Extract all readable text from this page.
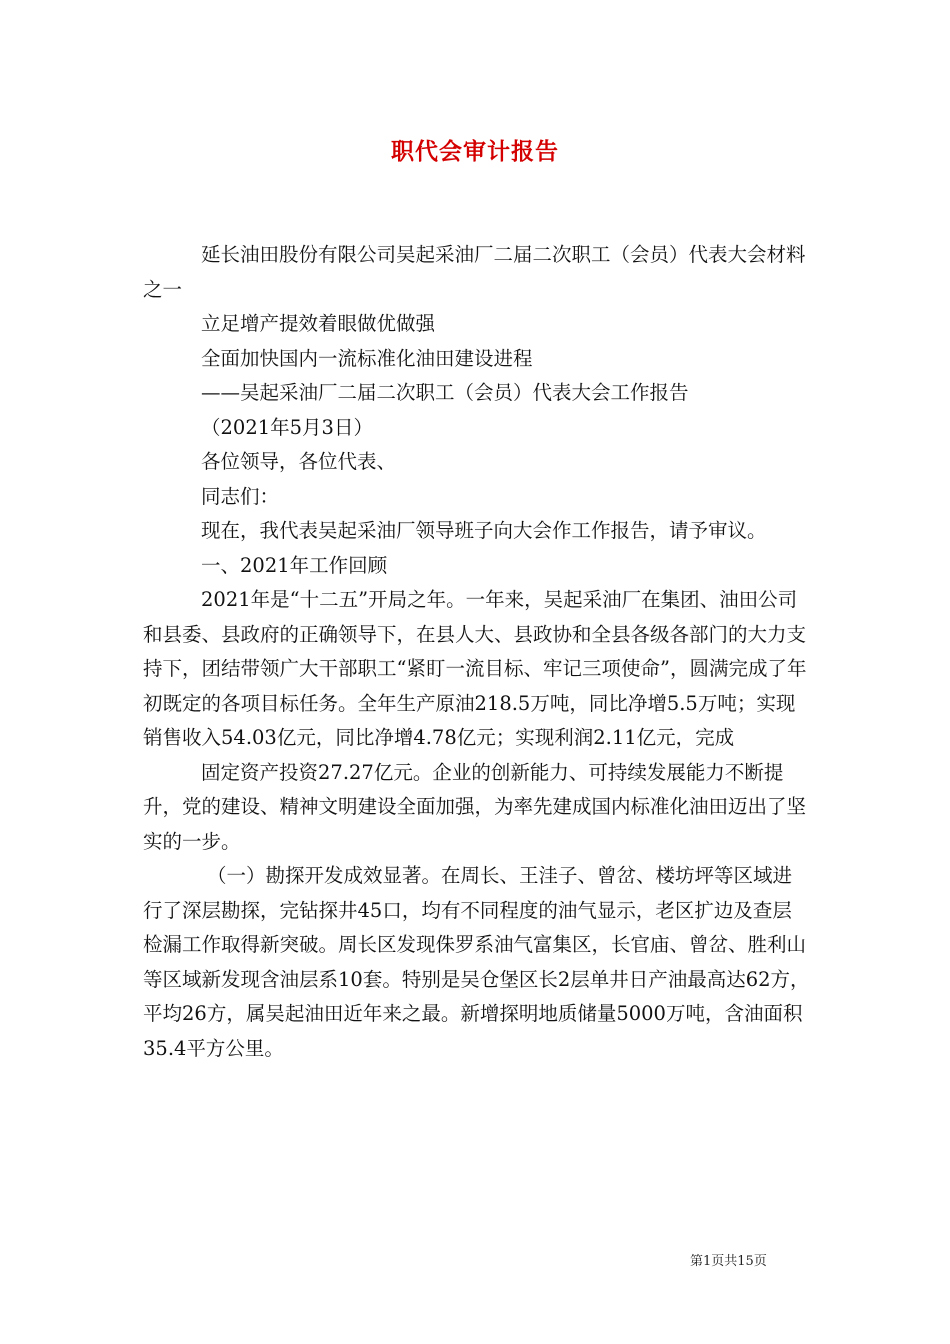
职代会审计报告

延长油田股份有限公司吴起采油厂二届二次职工（会员）代表大会材料之一

立足增产提效着眼做优做强

全面加快国内一流标准化油田建设进程

——吴起采油厂二届二次职工（会员）代表大会工作报告

（2021年5月3日）

各位领导，各位代表、

同志们：

现在，我代表吴起采油厂领导班子向大会作工作报告，请予审议。

一、2021年工作回顾

2021年是“十二五”开局之年。一年来，吴起采油厂在集团、油田公司和县委、县政府的正确领导下，在县人大、县政协和全县各级各部门的大力支持下，团结带领广大干部职工“紧盯一流目标、牢记三项使命”，圆满完成了年初既定的各项目标任务。全年生产原油218.5万吨，同比净增5.5万吨；实现销售收入54.03亿元，同比净增4.78亿元；实现利润2.11亿元，完成

固定资产投资27.27亿元。企业的创新能力、可持续发展能力不断提升，党的建设、精神文明建设全面加强，为率先建成国内标准化油田迈出了坚实的一步。

（一）勘探开发成效显著。在周长、王洼子、曾岔、楼坊坪等区域进行了深层勘探，完钻探井45口，均有不同程度的油气显示，老区扩边及查层检漏工作取得新突破。周长区发现侏罗系油气富集区，长官庙、曾岔、胜利山等区域新发现含油层系10套。特别是吴仓堡区长2层单井日产油最高达62方，平均26方，属吴起油田近年来之最。新增探明地质储量5000万吨，含油面积35.4平方公里。

第1页共15页
